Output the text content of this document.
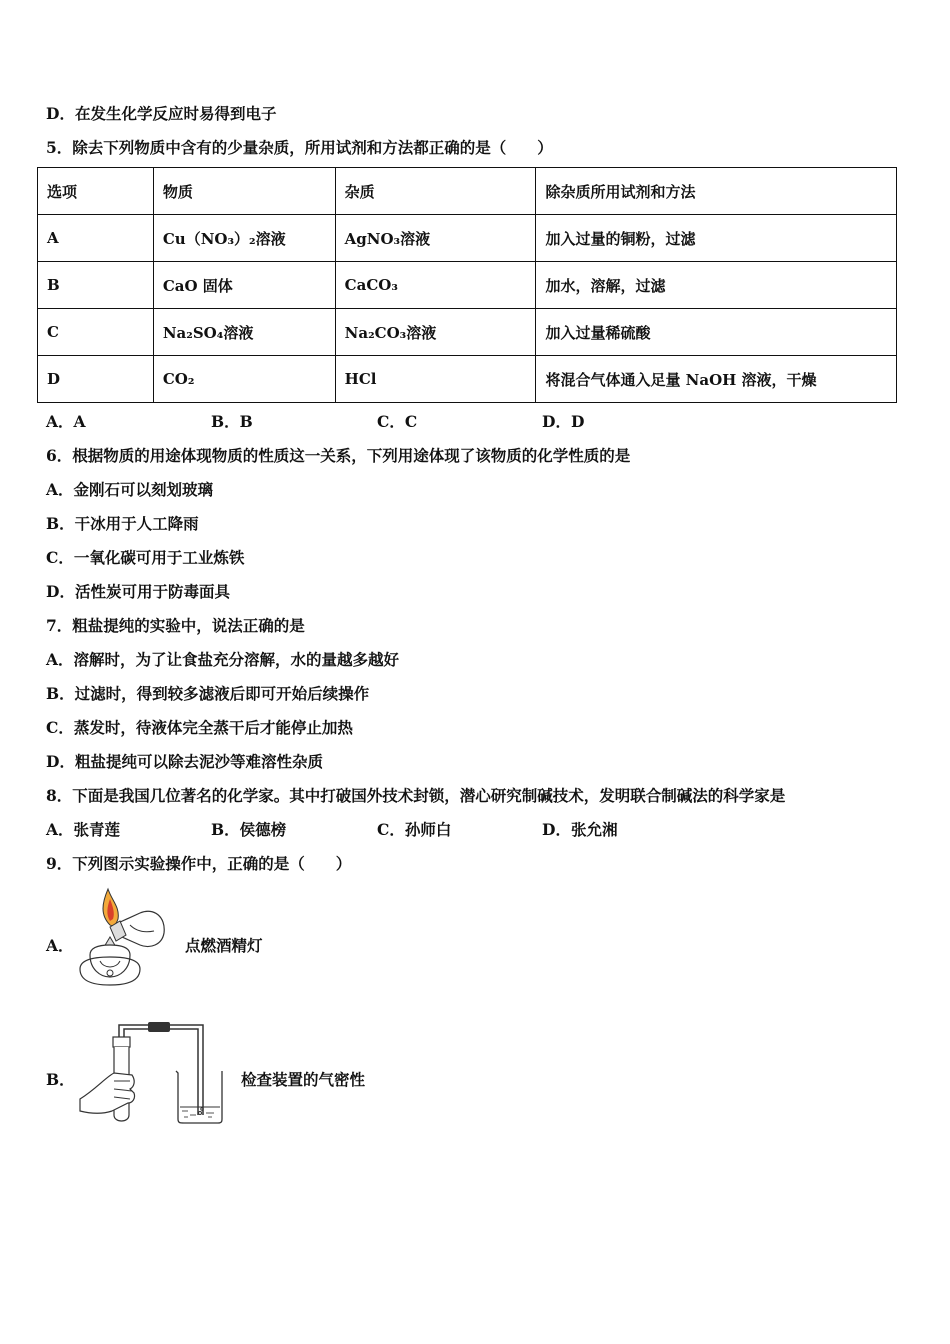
D．在发生化学反应时易得到电子
5．除去下列物质中含有的少量杂质，所用试剂和方法都正确的是（　　）
选项	物质	杂质	除杂质所用试剂和方法
A	Cu（NO₃）₂溶液	AgNO₃溶液	加入过量的铜粉，过滤
B	CaO 固体	CaCO₃	加水，溶解，过滤
C	Na₂SO₄溶液	Na₂CO₃溶液	加入过量稀硫酸
D	CO₂	HCl	将混合气体通入足量 NaOH 溶液，干燥
A．A	B．B	C．C	D．D
6．根据物质的用途体现物质的性质这一关系，下列用途体现了该物质的化学性质的是
A．金刚石可以刻划玻璃
B．干冰用于人工降雨
C．一氧化碳可用于工业炼铁
D．活性炭可用于防毒面具
7．粗盐提纯的实验中，说法正确的是
A．溶解时，为了让食盐充分溶解，水的量越多越好
B．过滤时，得到较多滤液后即可开始后续操作
C．蒸发时，待液体完全蒸干后才能停止加热
D．粗盐提纯可以除去泥沙等难溶性杂质
8．下面是我国几位著名的化学家。其中打破国外技术封锁，潜心研究制碱技术，发明联合制碱法的科学家是
A．张青莲	B．侯德榜	C．孙师白	D．张允湘
9．下列图示实验操作中，正确的是（　　）
A．	点燃酒精灯
B．	检查装置的气密性
